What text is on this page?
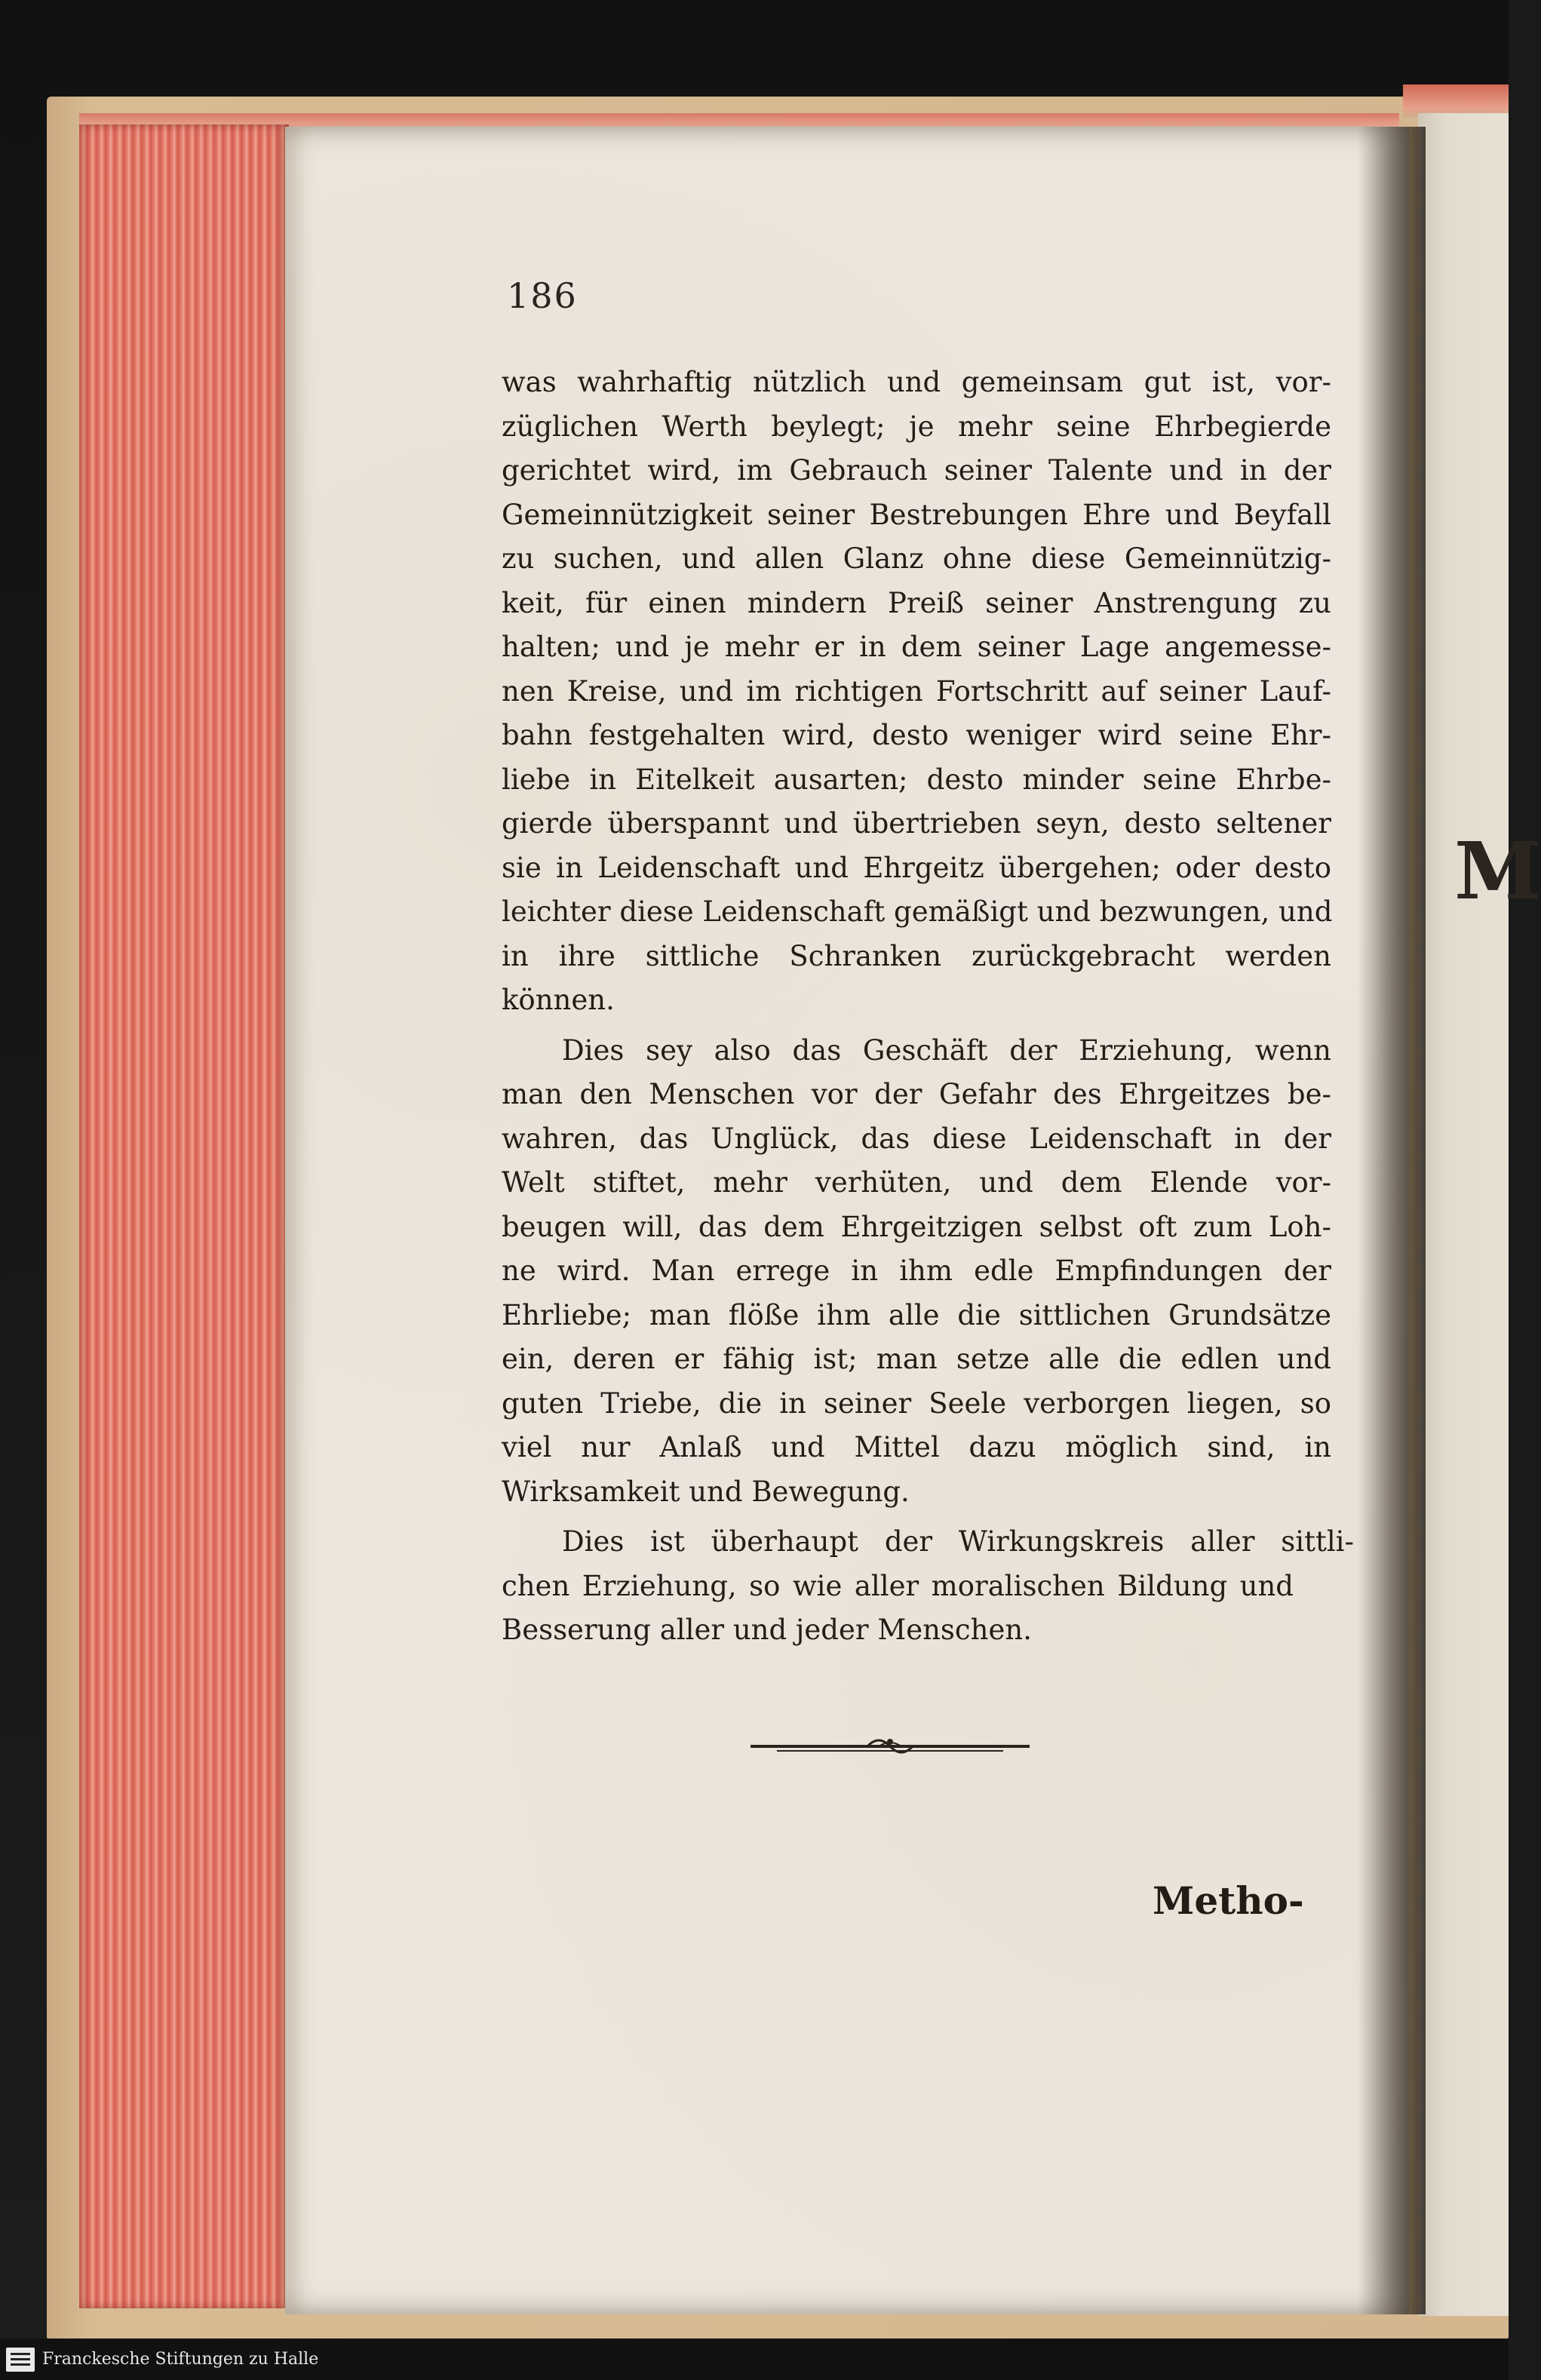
M
186
was wahrhaftig nützlich und gemeinsam gut ist, vor-
züglichen Werth beylegt; je mehr seine Ehrbegierde
gerichtet wird, im Gebrauch seiner Talente und in der
Gemeinnützigkeit seiner Bestrebungen Ehre und Beyfall
zu suchen, und allen Glanz ohne diese Gemeinnützig-
keit, für einen mindern Preiß seiner Anstrengung zu
halten; und je mehr er in dem seiner Lage angemesse-
nen Kreise, und im richtigen Fortschritt auf seiner Lauf-
bahn festgehalten wird, desto weniger wird seine Ehr-
liebe in Eitelkeit ausarten; desto minder seine Ehrbe-
gierde überspannt und übertrieben seyn, desto seltener
sie in Leidenschaft und Ehrgeitz übergehen; oder desto
leichter diese Leidenschaft gemäßigt und bezwungen, und
in ihre sittliche Schranken zurückgebracht werden
können.
Dies sey also das Geschäft der Erziehung, wenn
man den Menschen vor der Gefahr des Ehrgeitzes be-
wahren, das Unglück, das diese Leidenschaft in der
Welt stiftet, mehr verhüten, und dem Elende vor-
beugen will, das dem Ehrgeitzigen selbst oft zum Loh-
ne wird. Man errege in ihm edle Empfindungen der
Ehrliebe; man flöße ihm alle die sittlichen Grundsätze
ein, deren er fähig ist; man setze alle die edlen und
guten Triebe, die in seiner Seele verborgen liegen, so
viel nur Anlaß und Mittel dazu möglich sind, in
Wirksamkeit und Bewegung.
Dies ist überhaupt der Wirkungskreis aller sittli-
chen Erziehung, so wie aller moralischen Bildung und
Besserung aller und jeder Menschen.
Metho-
Franckesche Stiftungen zu Halle
